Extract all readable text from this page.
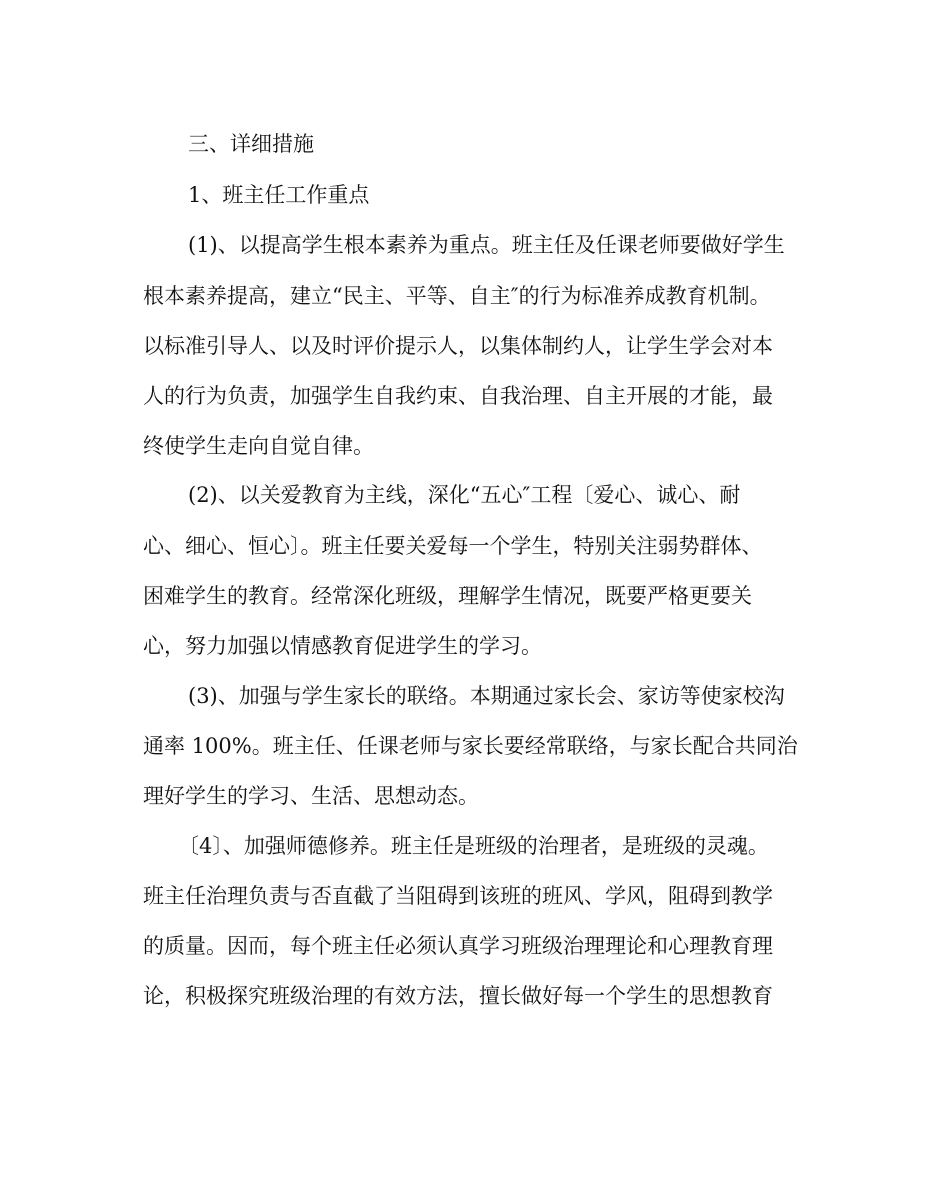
三、详细措施
1、班主任工作重点
(1)、以提高学生根本素养为重点。班主任及任课老师要做好学生
根本素养提高，建立“民主、平等、自主″的行为标准养成教育机制。
以标准引导人、以及时评价提示人，以集体制约人，让学生学会对本
人的行为负责，加强学生自我约束、自我治理、自主开展的才能，最
终使学生走向自觉自律。
(2)、以关爱教育为主线，深化“五心″工程〔爱心、诚心、耐
心、细心、恒心〕。班主任要关爱每一个学生，特别关注弱势群体、
困难学生的教育。经常深化班级，理解学生情况，既要严格更要关
心，努力加强以情感教育促进学生的学习。
(3)、加强与学生家长的联络。本期通过家长会、家访等使家校沟
通率 100%。班主任、任课老师与家长要经常联络，与家长配合共同治
理好学生的学习、生活、思想动态。
〔4〕、加强师德修养。班主任是班级的治理者，是班级的灵魂。
班主任治理负责与否直截了当阻碍到该班的班风、学风，阻碍到教学
的质量。因而，每个班主任必须认真学习班级治理理论和心理教育理
论，积极探究班级治理的有效方法，擅长做好每一个学生的思想教育
